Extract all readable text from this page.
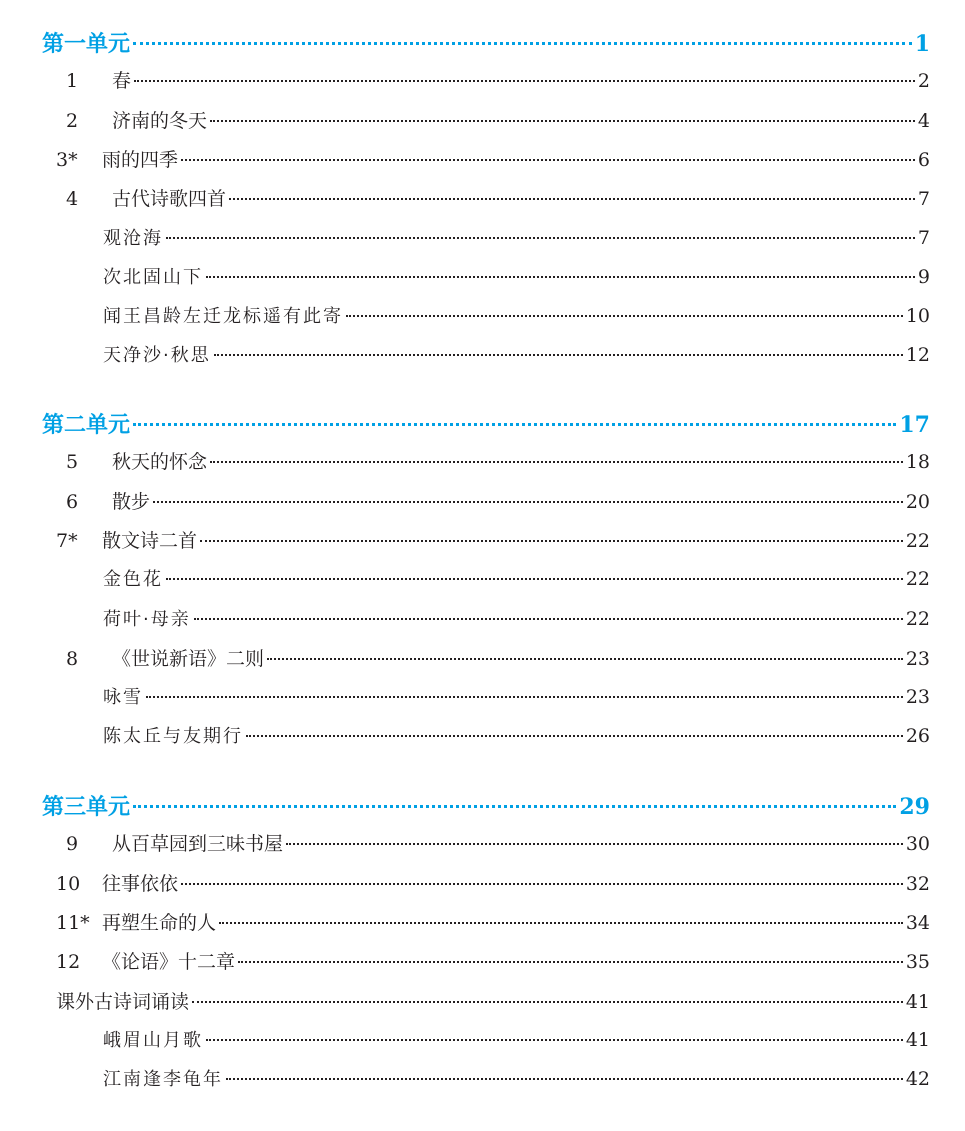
第一单元	1
1	春	2
2	济南的冬天	4
3*	雨的四季	6
4	古代诗歌四首	7
观沧海	7
次北固山下	9
闻王昌龄左迁龙标遥有此寄	10
天净沙·秋思	12
第二单元	17
5	秋天的怀念	18
6	散步	20
7*	散文诗二首	22
金色花	22
荷叶·母亲	22
8	《世说新语》二则	23
咏雪	23
陈太丘与友期行	26
第三单元	29
9	从百草园到三味书屋	30
10	往事依依	32
11* 再塑生命的人	34
12	《论语》十二章	35
课外古诗词诵读	41
峨眉山月歌	41
江南逢李龟年	42
